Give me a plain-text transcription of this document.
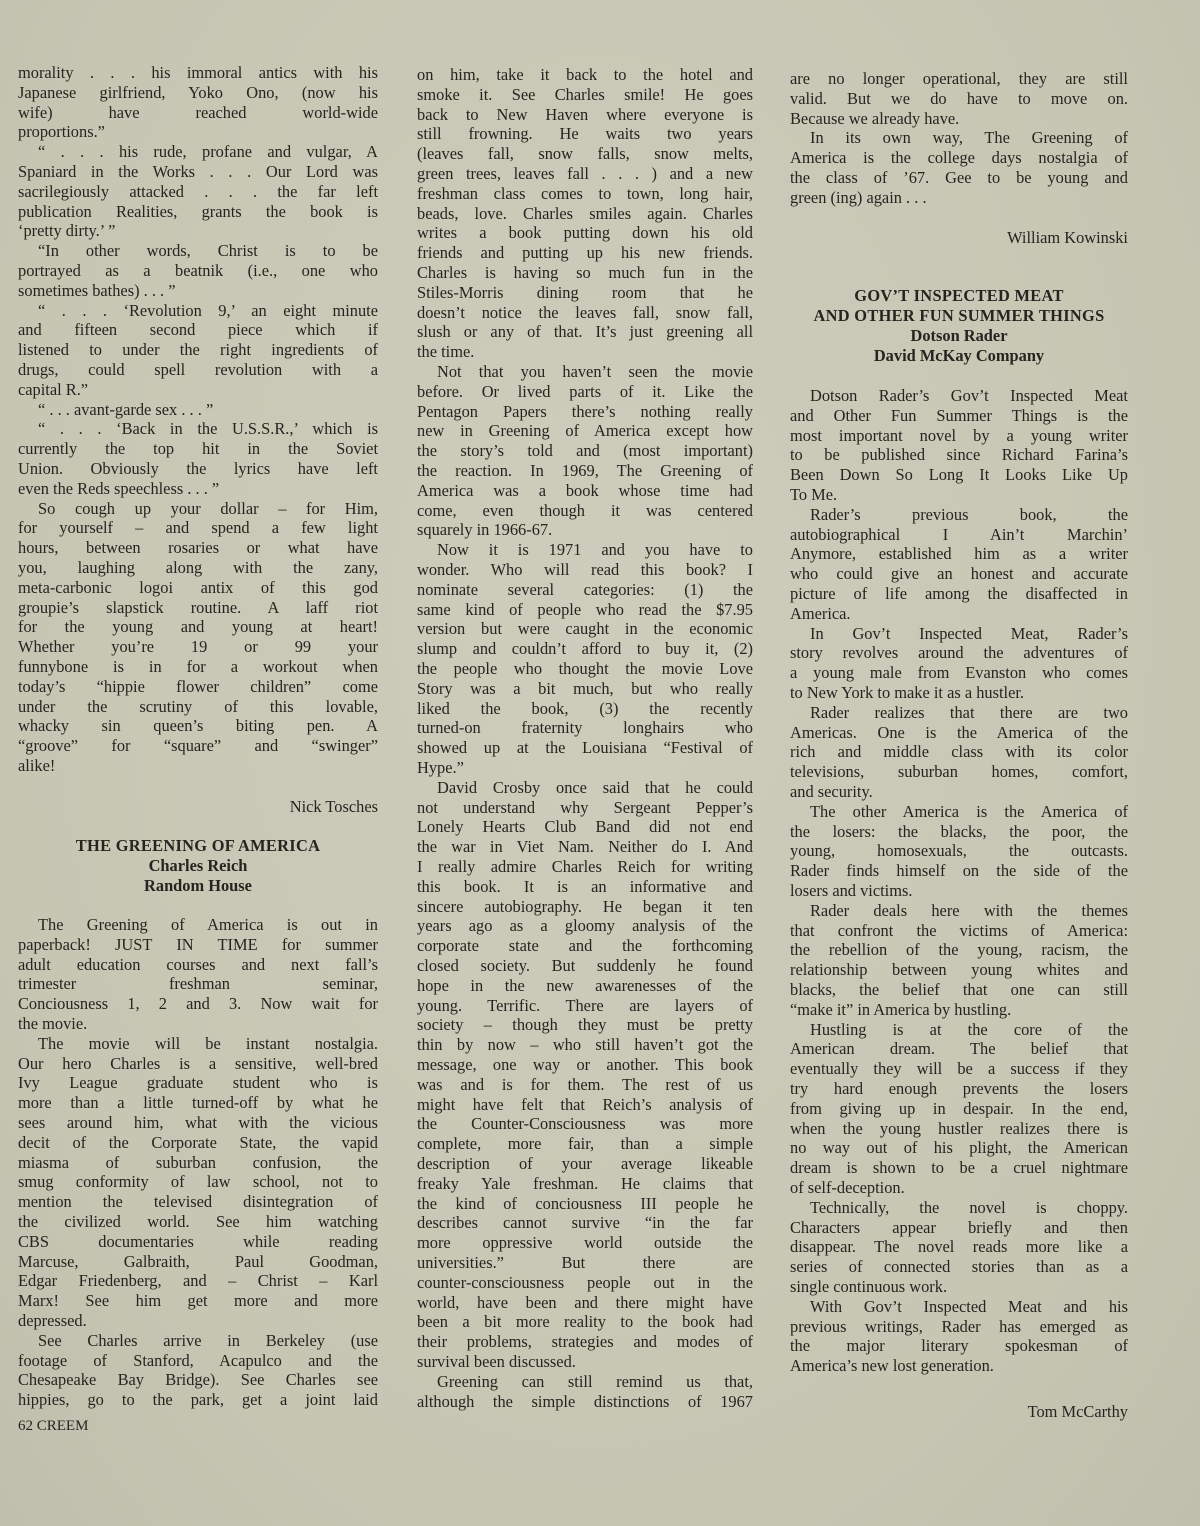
morality . . . his immoral antics with his
Japanese girlfriend, Yoko Ono, (now his
wife) have reached world-wide
proportions.”
“ . . . his rude, profane and vulgar, A
Spaniard in the Works . . . Our Lord was
sacrilegiously attacked . . . the far left
publication Realities, grants the book is
‘pretty dirty.’ ”
“In other words, Christ is to be
portrayed as a beatnik (i.e., one who
sometimes bathes) . . . ”
“ . . . ‘Revolution 9,’ an eight minute
and fifteen second piece which if
listened to under the right ingredients of
drugs, could spell revolution with a
capital R.”
“ . . . avant-garde sex . . . ”
“ . . . ‘Back in the U.S.S.R.,’ which is
currently the top hit in the Soviet
Union. Obviously the lyrics have left
even the Reds speechless . . . ”
So cough up your dollar – for Him,
for yourself – and spend a few light
hours, between rosaries or what have
you, laughing along with the zany,
meta-carbonic logoi antix of this god
groupie’s slapstick routine. A laff riot
for the young and young at heart!
Whether you’re 19 or 99 your
funnybone is in for a workout when
today’s “hippie flower children” come
under the scrutiny of this lovable,
whacky sin queen’s biting pen. A
“groove” for “square” and “swinger”
alike!
Nick Tosches
THE GREENING OF AMERICA
Charles Reich
Random House
The Greening of America is out in
paperback! JUST IN TIME for summer
adult education courses and next fall’s
trimester freshman seminar,
Conciousness 1, 2 and 3. Now wait for
the movie.
The movie will be instant nostalgia.
Our hero Charles is a sensitive, well-bred
Ivy League graduate student who is
more than a little turned-off by what he
sees around him, what with the vicious
decit of the Corporate State, the vapid
miasma of suburban confusion, the
smug conformity of law school, not to
mention the televised disintegration of
the civilized world. See him watching
CBS documentaries while reading
Marcuse, Galbraith, Paul Goodman,
Edgar Friedenberg, and – Christ – Karl
Marx! See him get more and more
depressed.
See Charles arrive in Berkeley (use
footage of Stanford, Acapulco and the
Chesapeake Bay Bridge). See Charles see
hippies, go to the park, get a joint laid
on him, take it back to the hotel and
smoke it. See Charles smile! He goes
back to New Haven where everyone is
still frowning. He waits two years
(leaves fall, snow falls, snow melts,
green trees, leaves fall . . . ) and a new
freshman class comes to town, long hair,
beads, love. Charles smiles again. Charles
writes a book putting down his old
friends and putting up his new friends.
Charles is having so much fun in the
Stiles-Morris dining room that he
doesn’t notice the leaves fall, snow fall,
slush or any of that. It’s just greening all
the time.
Not that you haven’t seen the movie
before. Or lived parts of it. Like the
Pentagon Papers there’s nothing really
new in Greening of America except how
the story’s told and (most important)
the reaction. In 1969, The Greening of
America was a book whose time had
come, even though it was centered
squarely in 1966-67.
Now it is 1971 and you have to
wonder. Who will read this book? I
nominate several categories: (1) the
same kind of people who read the $7.95
version but were caught in the economic
slump and couldn’t afford to buy it, (2)
the people who thought the movie Love
Story was a bit much, but who really
liked the book, (3) the recently
turned-on fraternity longhairs who
showed up at the Louisiana “Festival of
Hype.”
David Crosby once said that he could
not understand why Sergeant Pepper’s
Lonely Hearts Club Band did not end
the war in Viet Nam. Neither do I. And
I really admire Charles Reich for writing
this book. It is an informative and
sincere autobiography. He began it ten
years ago as a gloomy analysis of the
corporate state and the forthcoming
closed society. But suddenly he found
hope in the new awarenesses of the
young. Terrific. There are layers of
society – though they must be pretty
thin by now – who still haven’t got the
message, one way or another. This book
was and is for them. The rest of us
might have felt that Reich’s analysis of
the Counter-Consciousness was more
complete, more fair, than a simple
description of your average likeable
freaky Yale freshman. He claims that
the kind of conciousness III people he
describes cannot survive “in the far
more oppressive world outside the
universities.” But there are
counter-consciousness people out in the
world, have been and there might have
been a bit more reality to the book had
their problems, strategies and modes of
survival been discussed.
Greening can still remind us that,
although the simple distinctions of 1967
are no longer operational, they are still
valid. But we do have to move on.
Because we already have.
In its own way, The Greening of
America is the college days nostalgia of
the class of ’67. Gee to be young and
green (ing) again . . .
William Kowinski
GOV’T INSPECTED MEAT
AND OTHER FUN SUMMER THINGS
Dotson Rader
David McKay Company
Dotson Rader’s Gov’t Inspected Meat
and Other Fun Summer Things is the
most important novel by a young writer
to be published since Richard Farina’s
Been Down So Long It Looks Like Up
To Me.
Rader’s previous book, the
autobiographical I Ain’t Marchin’
Anymore, established him as a writer
who could give an honest and accurate
picture of life among the disaffected in
America.
In Gov’t Inspected Meat, Rader’s
story revolves around the adventures of
a young male from Evanston who comes
to New York to make it as a hustler.
Rader realizes that there are two
Americas. One is the America of the
rich and middle class with its color
televisions, suburban homes, comfort,
and security.
The other America is the America of
the losers: the blacks, the poor, the
young, homosexuals, the outcasts.
Rader finds himself on the side of the
losers and victims.
Rader deals here with the themes
that confront the victims of America:
the rebellion of the young, racism, the
relationship between young whites and
blacks, the belief that one can still
“make it” in America by hustling.
Hustling is at the core of the
American dream. The belief that
eventually they will be a success if they
try hard enough prevents the losers
from giving up in despair. In the end,
when the young hustler realizes there is
no way out of his plight, the American
dream is shown to be a cruel nightmare
of self-deception.
Technically, the novel is choppy.
Characters appear briefly and then
disappear. The novel reads more like a
series of connected stories than as a
single continuous work.
With Gov’t Inspected Meat and his
previous writings, Rader has emerged as
the major literary spokesman of
America’s new lost generation.
Tom McCarthy
62 CREEM
